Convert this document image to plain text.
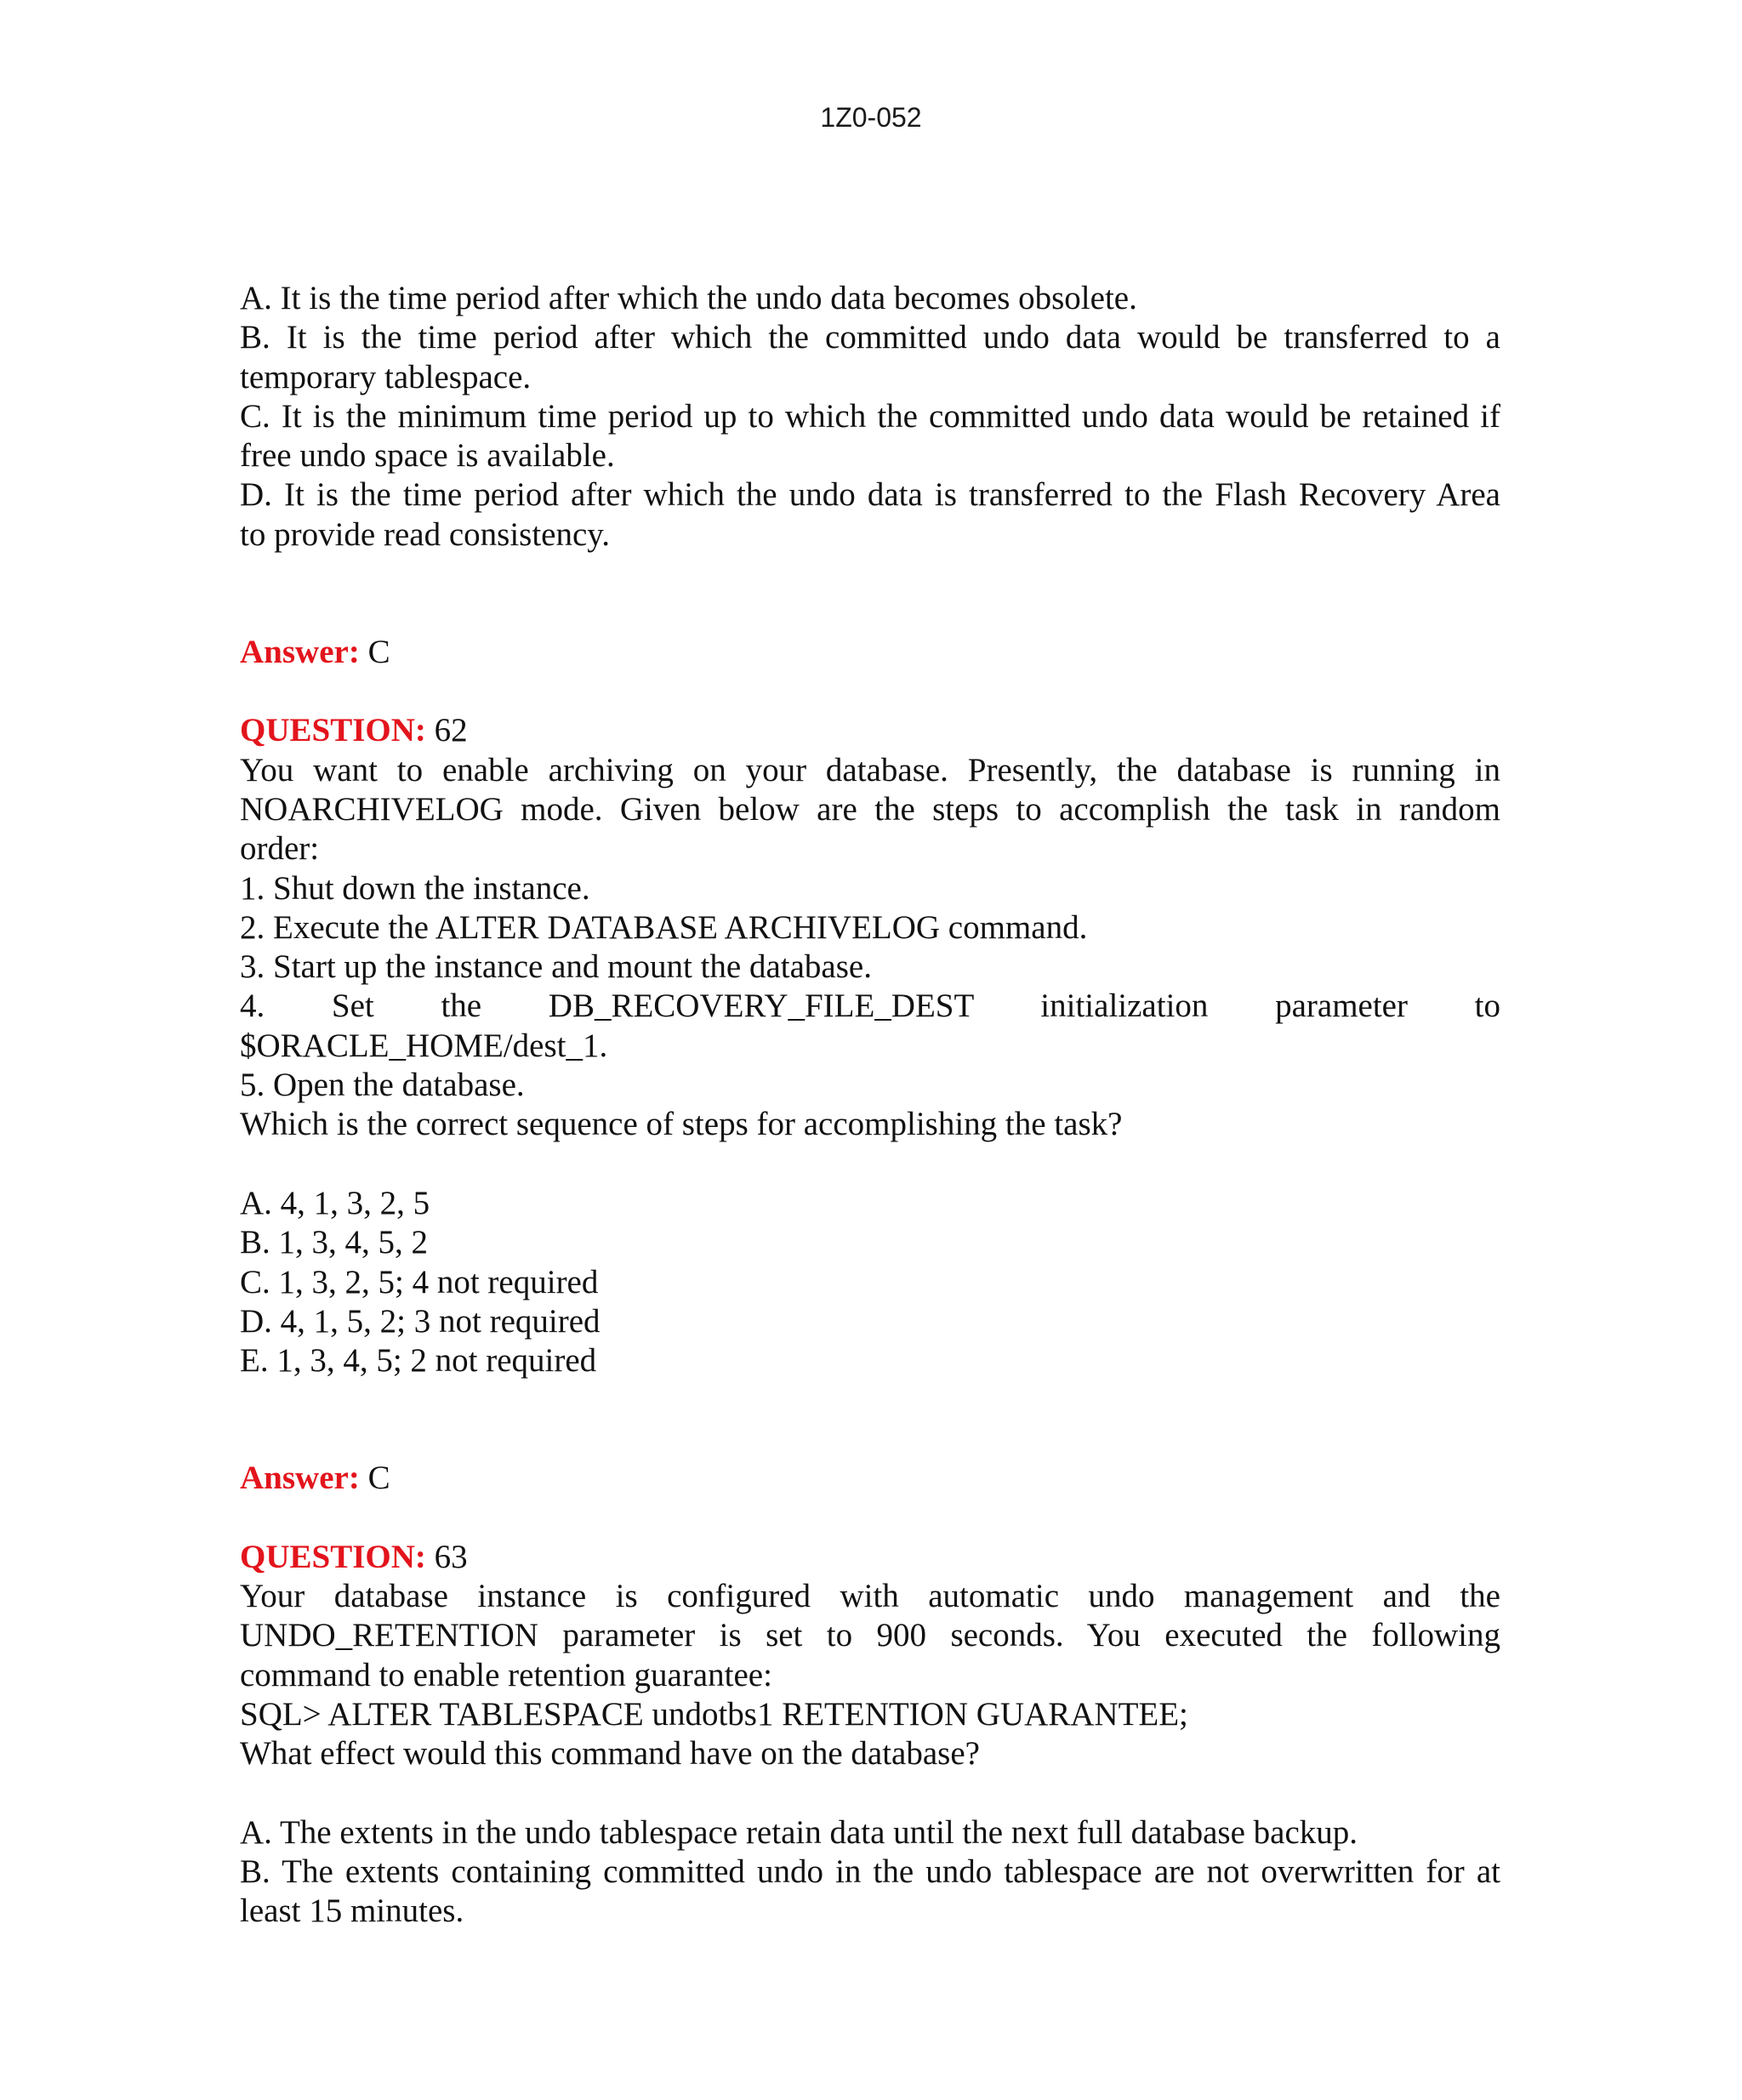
1Z0-052
A. It is the time period after which the undo data becomes obsolete.
B. It is the time period after which the committed undo data would be transferred to a
temporary tablespace.
C. It is the minimum time period up to which the committed undo data would be retained if
free undo space is available.
D. It is the time period after which the undo data is transferred to the Flash Recovery Area
to provide read consistency.
Answer: C
QUESTION: 62
You want to enable archiving on your database. Presently, the database is running in
NOARCHIVELOG mode. Given below are the steps to accomplish the task in random
order:
1. Shut down the instance.
2. Execute the ALTER DATABASE ARCHIVELOG command.
3. Start up the instance and mount the database.
4. Set the DB_RECOVERY_FILE_DEST initialization parameter to
$ORACLE_HOME/dest_1.
5. Open the database.
Which is the correct sequence of steps for accomplishing the task?

A. 4, 1, 3, 2, 5
B. 1, 3, 4, 5, 2
C. 1, 3, 2, 5; 4 not required
D. 4, 1, 5, 2; 3 not required
E. 1, 3, 4, 5; 2 not required
Answer: C
QUESTION: 63
Your database instance is configured with automatic undo management and the
UNDO_RETENTION parameter is set to 900 seconds. You executed the following
command to enable retention guarantee:
SQL> ALTER TABLESPACE undotbs1 RETENTION GUARANTEE;
What effect would this command have on the database?

A. The extents in the undo tablespace retain data until the next full database backup.
B. The extents containing committed undo in the undo tablespace are not overwritten for at
least 15 minutes.
